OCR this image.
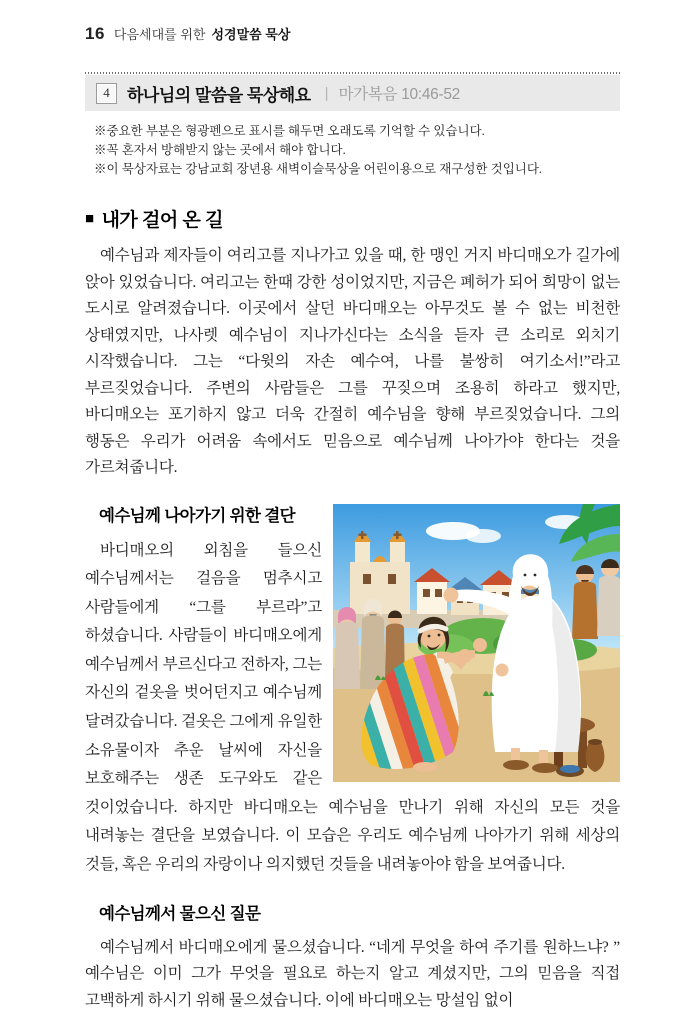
16 다음세대를 위한 성경말씀 묵상
4	하나님의 말씀을 묵상해요 | 마가복음 10:46-52
※중요한 부분은 형광펜으로 표시를 해두면 오래도록 기억할 수 있습니다.
※꼭 혼자서 방해받지 않는 곳에서 해야 합니다.
※이 묵상자료는 강남교회 장년용 새벽이슬묵상을 어린이용으로 재구성한 것입니다.
■ 내가 걸어 온 길

예수님과 제자들이 여리고를 지나가고 있을 때, 한 맹인 거지 바디매오가 길가에 앉아 있었습니다. 여리고는 한때 강한 성이었지만, 지금은 폐허가 되어 희망이 없는 도시로 알려졌습니다. 이곳에서 살던 바디매오는 아무것도 볼 수 없는 비천한 상태였지만, 나사렛 예수님이 지나가신다는 소식을 듣자 큰 소리로 외치기 시작했습니다. 그는 “다윗의 자손 예수여, 나를 불쌍히 여기소서!”라고 부르짖었습니다. 주변의 사람들은 그를 꾸짖으며 조용히 하라고 했지만, 바디매오는 포기하지 않고 더욱 간절히 예수님을 향해 부르짖었습니다. 그의 행동은 우리가 어려움 속에서도 믿음으로 예수님께 나아가야 한다는 것을 가르쳐줍니다.

예수님께 나아가기 위한 결단

바디매오의 외침을 들으신 예수님께서는 걸음을 멈추시고 사람들에게 “그를 부르라”고 하셨습니다. 사람들이 바디매오에게 예수님께서 부르신다고 전하자, 그는 자신의 겉옷을 벗어던지고 예수님께 달려갔습니다. 겉옷은 그에게 유일한 소유물이자 추운 날씨에 자신을 보호해주는 생존 도구와도 같은 것이었습니다. 하지만 바디매오는 예수님을 만나기 위해 자신의 모든 것을 내려놓는 결단을 보였습니다. 이 모습은 우리도 예수님께 나아가기 위해 세상의 것들, 혹은 우리의 자랑이나 의지했던 것들을 내려놓아야 함을 보여줍니다.

예수님께서 물으신 질문

예수님께서 바디매오에게 물으셨습니다. “네게 무엇을 하여 주기를 원하느냐? ” 예수님은 이미 그가 무엇을 필요로 하는지 알고 계셨지만, 그의 믿음을 직접 고백하게 하시기 위해 물으셨습니다. 이에 바디매오는 망설임 없이
